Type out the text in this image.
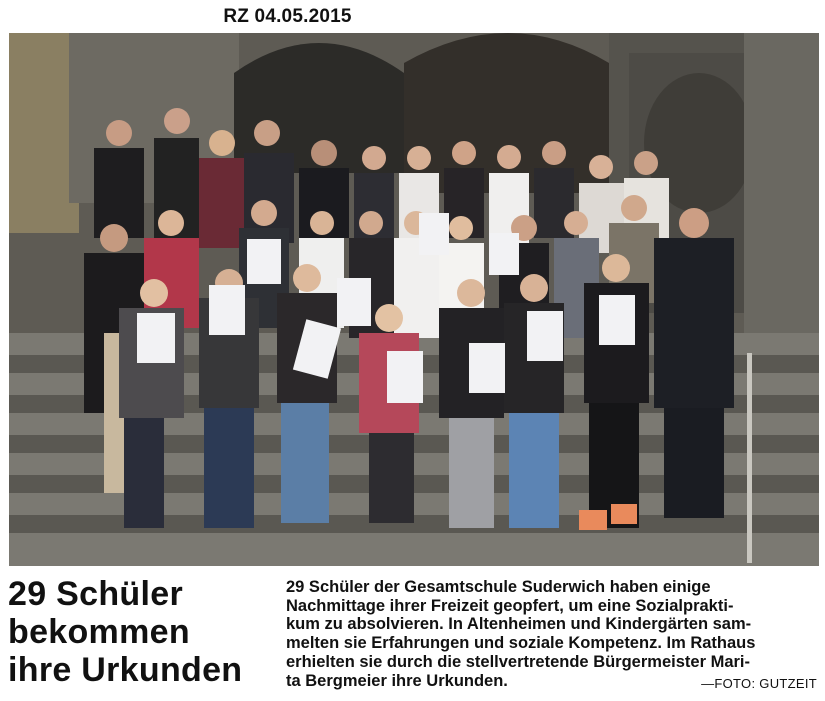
RZ 04.05.2015
29 Schüler
bekommen
ihre Urkunden
29 Schüler der Gesamtschule Suderwich haben einige
Nachmittage ihrer Freizeit geopfert, um eine Sozialprakti-
kum zu absolvieren. In Altenheimen und Kindergärten sam-
melten sie Erfahrungen und soziale Kompetenz. Im Rathaus
erhielten sie durch die stellvertretende Bürgermeister Mari-
ta Bergmeier ihre Urkunden.	—FOTO: GUTZEIT
